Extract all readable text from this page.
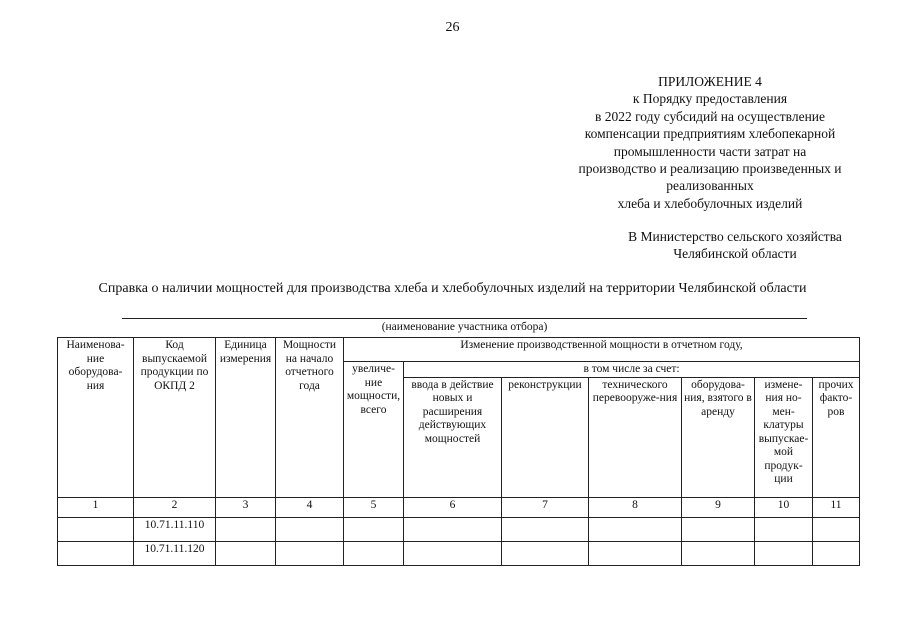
26
ПРИЛОЖЕНИЕ 4
к Порядку предоставления
в 2022 году субсидий на осуществление
компенсации предприятиям хлебопекарной
промышленности части затрат на
производство и реализацию произведенных и
реализованных
хлеба и хлебобулочных изделий
В Министерство сельского хозяйства
Челябинской области
Справка о наличии мощностей для производства хлеба и хлебобулочных изделий на территории Челябинской области
(наименование участника отбора)
Наименова-ние оборудова-ния	Код выпускаемой продукции по ОКПД 2	Единица измерения	Мощности на начало отчетного года	Изменение производственной мощности в отчетном году,						
				увеличе-ние мощности, всего	в том числе за счет:					
					ввода в действие новых и расширения действующих мощностей	реконструкции	технического перевооруже-ния	оборудова-ния, взятого в аренду	измене-ния но-мен-клатуры выпускае-мой продук-ции	прочих факто-ров
1	2	3	4	5	6	7	8	9	10	11
	10.71.11.110									
	10.71.11.120									
